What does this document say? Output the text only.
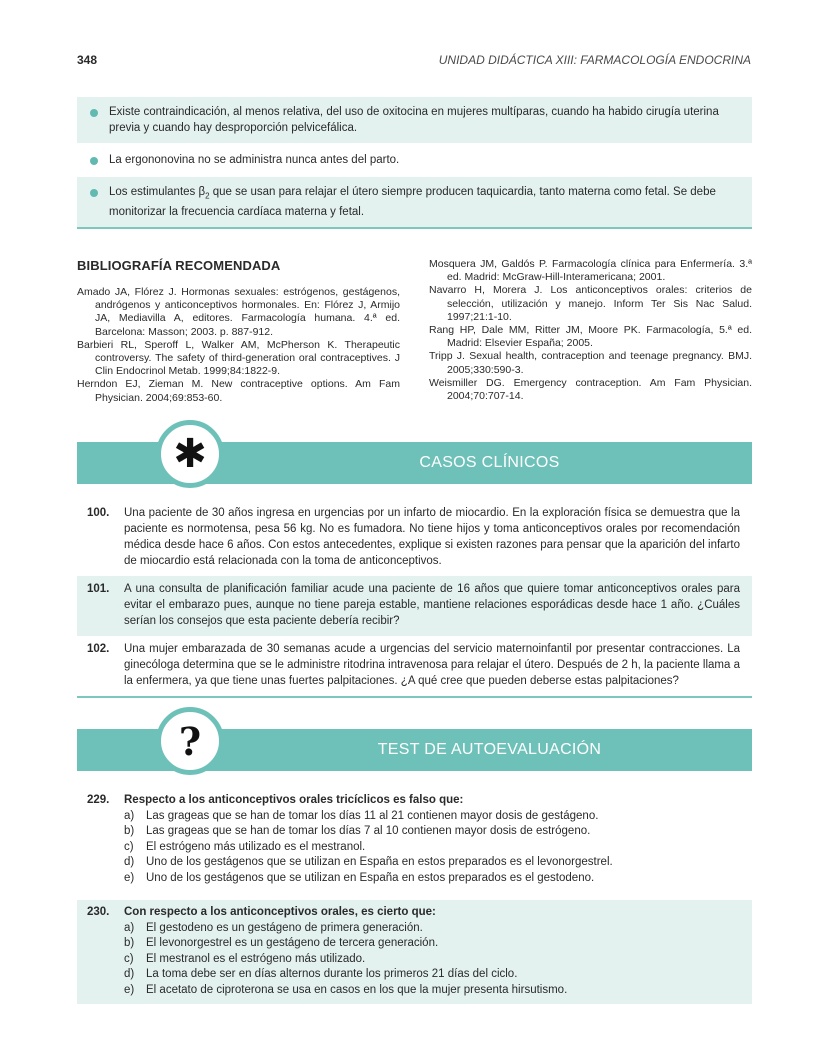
348	UNIDAD DIDÁCTICA XIII: FARMACOLOGÍA ENDOCRINA
Existe contraindicación, al menos relativa, del uso de oxitocina en mujeres multíparas, cuando ha habido cirugía uterina previa y cuando hay desproporción pelvicefálica.
La ergononovina no se administra nunca antes del parto.
Los estimulantes $\beta_2$ que se usan para relajar el útero siempre producen taquicardia, tanto materna como fetal. Se debe monitorizar la frecuencia cardíaca materna y fetal.
BIBLIOGRAFÍA RECOMENDADA
Amado JA, Flórez J. Hormonas sexuales: estrógenos, gestágenos, andrógenos y anticonceptivos hormonales. En: Flórez J, Armijo JA, Mediavilla A, editores. Farmacología humana. 4.ª ed. Barcelona: Masson; 2003. p. 887-912.
Barbieri RL, Speroff L, Walker AM, McPherson K. Therapeutic controversy. The safety of third-generation oral contraceptives. J Clin Endocrinol Metab. 1999;84:1822-9.
Herndon EJ, Zieman M. New contraceptive options. Am Fam Physician. 2004;69:853-60.
Mosquera JM, Galdós P. Farmacología clínica para Enfermería. 3.ª ed. Madrid: McGraw-Hill-Interamericana; 2001.
Navarro H, Morera J. Los anticonceptivos orales: criterios de selección, utilización y manejo. Inform Ter Sis Nac Salud. 1997;21:1-10.
Rang HP, Dale MM, Ritter JM, Moore PK. Farmacología, 5.ª ed. Madrid: Elsevier España; 2005.
Tripp J. Sexual health, contraception and teenage pregnancy. BMJ. 2005;330:590-3.
Weismiller DG. Emergency contraception. Am Fam Physician. 2004;70:707-14.
✱	CASOS CLÍNICOS
100. Una paciente de 30 años ingresa en urgencias por un infarto de miocardio. En la exploración física se demuestra que la paciente es normotensa, pesa 56 kg. No es fumadora. No tiene hijos y toma anticonceptivos orales por recomendación médica desde hace 6 años. Con estos antecedentes, explique si existen razones para pensar que la aparición del infarto de miocardio está relacionada con la toma de anticonceptivos.
101. A una consulta de planificación familiar acude una paciente de 16 años que quiere tomar anticonceptivos orales para evitar el embarazo pues, aunque no tiene pareja estable, mantiene relaciones esporádicas desde hace 1 año. ¿Cuáles serían los consejos que esta paciente debería recibir?
102. Una mujer embarazada de 30 semanas acude a urgencias del servicio maternoinfantil por presentar contracciones. La ginecóloga determina que se le administre ritodrina intravenosa para relajar el útero. Después de 2 h, la paciente llama a la enfermera, ya que tiene unas fuertes palpitaciones. ¿A qué cree que pueden deberse estas palpitaciones?
?	TEST DE AUTOEVALUACIÓN
229. Respecto a los anticonceptivos orales tricíclicos es falso que:
a) Las grageas que se han de tomar los días 11 al 21 contienen mayor dosis de gestágeno.
b) Las grageas que se han de tomar los días 7 al 10 contienen mayor dosis de estrógeno.
c) El estrógeno más utilizado es el mestranol.
d) Uno de los gestágenos que se utilizan en España en estos preparados es el levonorgestrel.
e) Uno de los gestágenos que se utilizan en España en estos preparados es el gestodeno.
230. Con respecto a los anticonceptivos orales, es cierto que:
a) El gestodeno es un gestágeno de primera generación.
b) El levonorgestrel es un gestágeno de tercera generación.
c) El mestranol es el estrógeno más utilizado.
d) La toma debe ser en días alternos durante los primeros 21 días del ciclo.
e) El acetato de ciproterona se usa en casos en los que la mujer presenta hirsutismo.
